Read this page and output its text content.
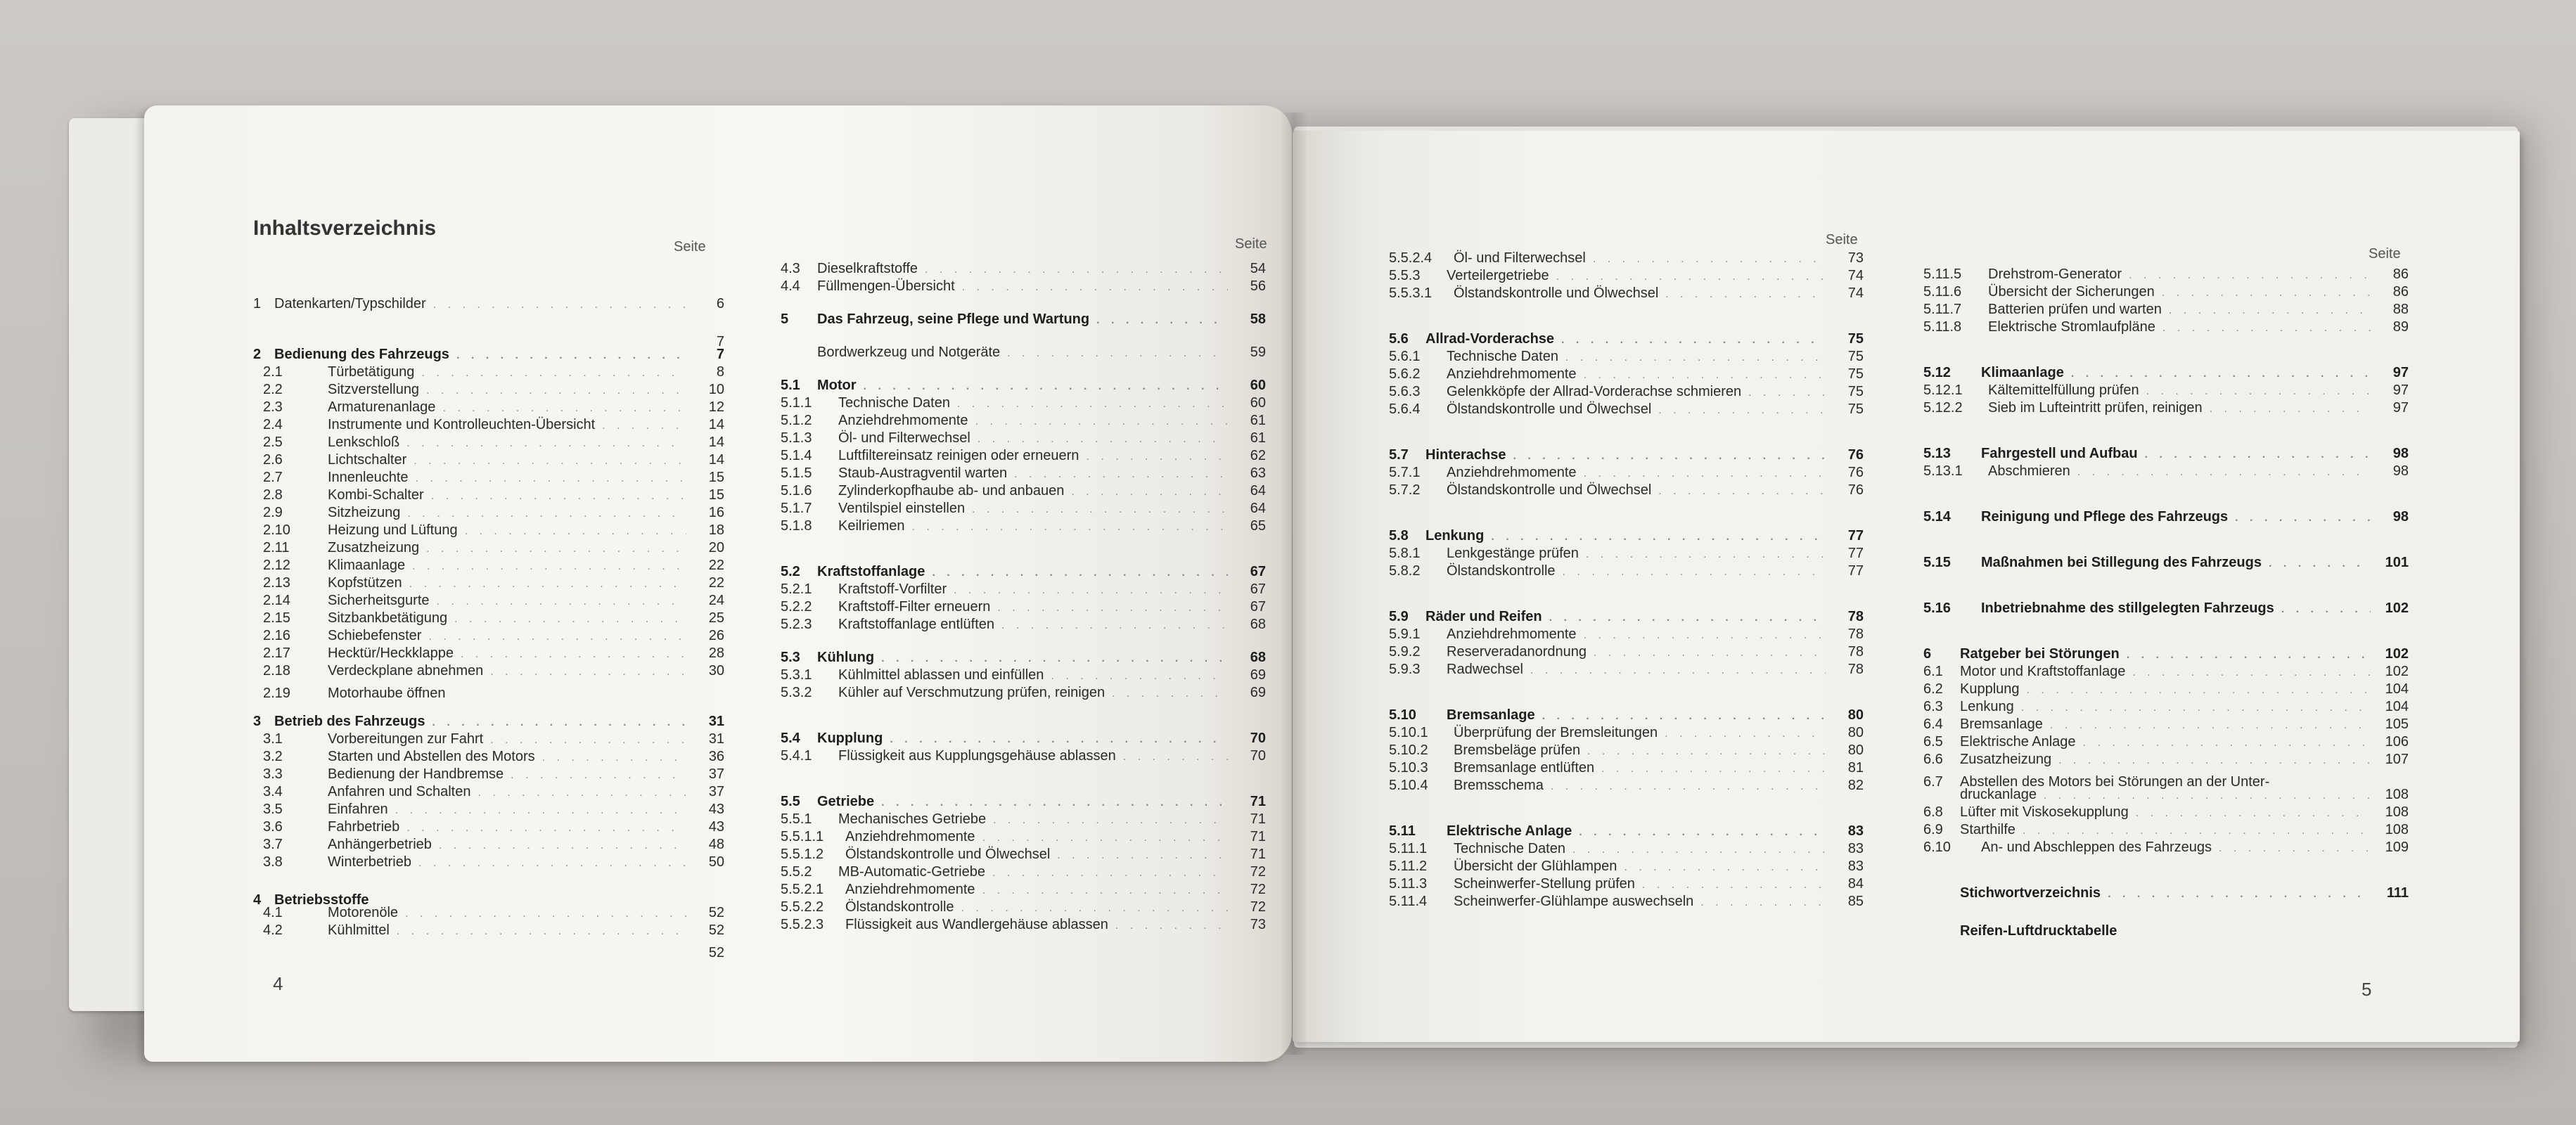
Inhaltsverzeichnis
Seite	Seite	Seite
Seite
1 Datenkarten/Typschilder . . .	6
7
2 Bedienung des Fahrzeugs . . .	7
2.1	Türbetätigung . . .	8
2.2	Sitzverstellung . . .	10
2.3	Armaturenanlage . . .	12
2.4	Instrumente und Kontrolleuchten-Übersicht . . .	14
2.5	Lenkschloß . . .	14
2.6	Lichtschalter . . .	14
2.7	Innenleuchte . . .	15
2.8	Kombi-Schalter . . .	15
2.9	Sitzheizung . . .	16
2.10	Heizung und Lüftung . . .	18
2.11	Zusatzheizung . . .	20
2.12	Klimaanlage . . .	22
2.13	Kopfstützen . . .	22
2.14	Sicherheitsgurte . . .	24
2.15	Sitzbankbetätigung . . .	25
2.16	Schiebefenster . . .	26
2.17	Hecktür/Heckklappe . . .	28
2.18	Verdeckplane abnehmen . . .	30
2.19	Motorhaube öffnen
3 Betrieb des Fahrzeugs . . .	31
3.1	Vorbereitungen zur Fahrt . . .	31
3.2	Starten und Abstellen des Motors . . .	36
3.3	Bedienung der Handbremse . . .	37
3.4	Anfahren und Schalten . . .	37
3.5	Einfahren . . .	43
3.6	Fahrbetrieb . . .	43
3.7	Anhängerbetrieb . . .	48
3.8	Winterbetrieb . . .	50
4 Betriebsstoffe
4.1	Motorenöle . . .	52
4.2	Kühlmittel . . .	52
52
4.3	Dieselkraftstoffe . . .	54
4.4	Füllmengen-Übersicht . . .	56
5	Das Fahrzeug, seine Pflege und Wartung . . .	58
Bordwerkzeug und Notgeräte . . .	59
5.1	Motor . . .	60
5.1.1	Technische Daten . . .	60
5.1.2	Anziehdrehmomente . . .	61
5.1.3	Öl- und Filterwechsel . . .	61
5.1.4	Luftfiltereinsatz reinigen oder erneuern . . .	62
5.1.5	Staub-Austragventil warten . . .	63
5.1.6	Zylinderkopfhaube ab- und anbauen . . .	64
5.1.7	Ventilspiel einstellen . . .	64
5.1.8	Keilriemen . . .	65
5.2	Kraftstoffanlage . . .	67
5.2.1	Kraftstoff-Vorfilter . . .	67
5.2.2	Kraftstoff-Filter erneuern . . .	67
5.2.3	Kraftstoffanlage entlüften . . .	68
5.3	Kühlung . . .	68
5.3.1	Kühlmittel ablassen und einfüllen . . .	69
5.3.2	Kühler auf Verschmutzung prüfen, reinigen . . .	69
5.4	Kupplung . . .	70
5.4.1	Flüssigkeit aus Kupplungsgehäuse ablassen . . .	70
5.5	Getriebe . . .	71
5.5.1	Mechanisches Getriebe . . .	71
5.5.1.1	Anziehdrehmomente . . .	71
5.5.1.2	Ölstandskontrolle und Ölwechsel . . .	71
5.5.2	MB-Automatic-Getriebe . . .	72
5.5.2.1	Anziehdrehmomente . . .	72
5.5.2.2	Ölstandskontrolle . . .	72
5.5.2.3	Flüssigkeit aus Wandlergehäuse ablassen . . .	73
5.5.2.4	Öl- und Filterwechsel . . .	73
5.5.3	Verteilergetriebe . . .	74
5.5.3.1	Ölstandskontrolle und Ölwechsel . . .	74
5.6	Allrad-Vorderachse . . .	75
5.6.1	Technische Daten . . .	75
5.6.2	Anziehdrehmomente . . .	75
5.6.3	Gelenkköpfe der Allrad-Vorderachse schmieren . . .	75
5.6.4	Ölstandskontrolle und Ölwechsel . . .	75
5.7	Hinterachse . . .	76
5.7.1	Anziehdrehmomente . . .	76
5.7.2	Ölstandskontrolle und Ölwechsel . . .	76
5.8	Lenkung . . .	77
5.8.1	Lenkgestänge prüfen . . .	77
5.8.2	Ölstandskontrolle . . .	77
5.9	Räder und Reifen . . .	78
5.9.1	Anziehdrehmomente . . .	78
5.9.2	Reserveradanordnung . . .	78
5.9.3	Radwechsel . . .	78
5.10	Bremsanlage . . .	80
5.10.1	Überprüfung der Bremsleitungen . . .	80
5.10.2	Bremsbeläge prüfen . . .	80
5.10.3	Bremsanlage entlüften . . .	81
5.10.4	Bremsschema . . .	82
5.11	Elektrische Anlage . . .	83
5.11.1	Technische Daten . . .	83
5.11.2	Übersicht der Glühlampen . . .	83
5.11.3	Scheinwerfer-Stellung prüfen . . .	84
5.11.4	Scheinwerfer-Glühlampe auswechseln . . .	85
5.11.5	Drehstrom-Generator . . .	86
5.11.6	Übersicht der Sicherungen . . .	86
5.11.7	Batterien prüfen und warten . . .	88
5.11.8	Elektrische Stromlaufpläne . . .	89
5.12	Klimaanlage . . .	97
5.12.1	Kältemittelfüllung prüfen . . .	97
5.12.2	Sieb im Lufteintritt prüfen, reinigen . . .	97
5.13	Fahrgestell und Aufbau . . .	98
5.13.1	Abschmieren . . .	98
5.14	Reinigung und Pflege des Fahrzeugs . . .	98
5.15	Maßnahmen bei Stillegung des Fahrzeugs . . .	101
5.16	Inbetriebnahme des stillgelegten Fahrzeugs . . .	102
6	Ratgeber bei Störungen . . .	102
6.1	Motor und Kraftstoffanlage . . .	102
6.2	Kupplung . . .	104
6.3	Lenkung . . .	104
6.4	Bremsanlage . . .	105
6.5	Elektrische Anlage . . .	106
6.6	Zusatzheizung . . .	107
6.7	Abstellen des Motors bei Störungen an der Unter-
druckanlage . . .	108
6.8	Lüfter mit Viskosekupplung . . .	108
6.9	Starthilfe . . .	108
6.10	An- und Abschleppen des Fahrzeugs . . .	109
Stichwortverzeichnis . . .	111
Reifen-Luftdrucktabelle
4	5
